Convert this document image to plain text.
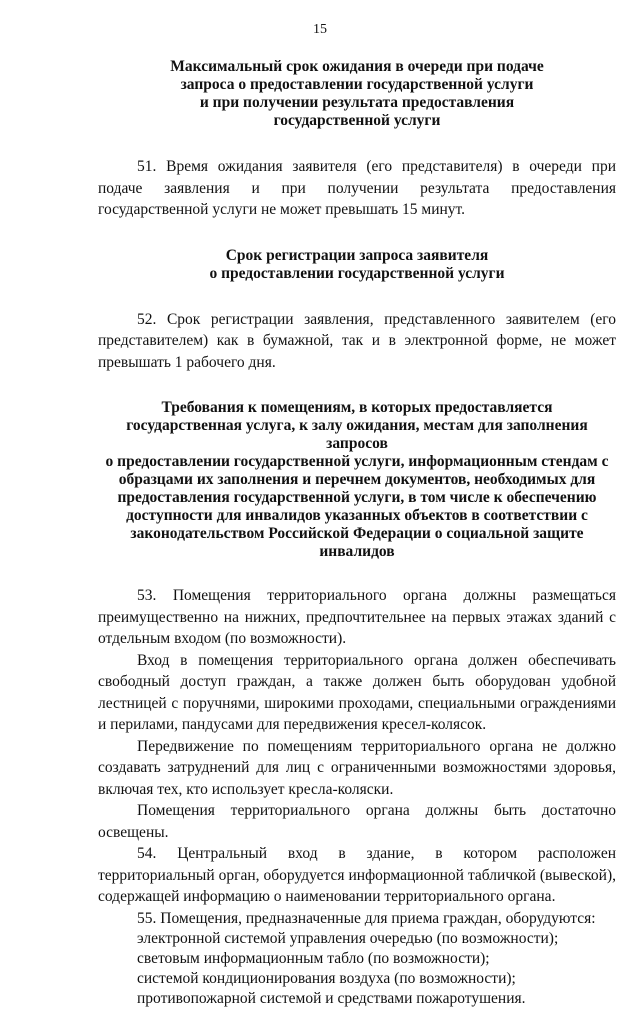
15
Максимальный срок ожидания в очереди при подаче
запроса о предоставлении государственной услуги
и при получении результата предоставления
государственной услуги

51. Время ожидания заявителя (его представителя) в очереди при подаче заявления и при получении результата предоставления государственной услуги не может превышать 15 минут.

Срок регистрации запроса заявителя
о предоставлении государственной услуги

52. Срок регистрации заявления, представленного заявителем (его представителем) как в бумажной, так и в электронной форме, не может превышать 1 рабочего дня.

Требования к помещениям, в которых предоставляется
государственная услуга, к залу ожидания, местам для заполнения запросов
о предоставлении государственной услуги, информационным стендам с
образцами их заполнения и перечнем документов, необходимых для
предоставления государственной услуги, в том числе к обеспечению
доступности для инвалидов указанных объектов в соответствии с
законодательством Российской Федерации о социальной защите
инвалидов

53. Помещения территориального органа должны размещаться преимущественно на нижних, предпочтительнее на первых этажах зданий с отдельным входом (по возможности).

Вход в помещения территориального органа должен обеспечивать свободный доступ граждан, а также должен быть оборудован удобной лестницей с поручнями, широкими проходами, специальными ограждениями и перилами, пандусами для передвижения кресел-колясок.

Передвижение по помещениям территориального органа не должно создавать затруднений для лиц с ограниченными возможностями здоровья, включая тех, кто использует кресла-коляски.

Помещения территориального органа должны быть достаточно освещены.

54. Центральный вход в здание, в котором расположен территориальный орган, оборудуется информационной табличкой (вывеской), содержащей информацию о наименовании территориального органа.

55. Помещения, предназначенные для приема граждан, оборудуются:

электронной системой управления очередью (по возможности);
световым информационным табло (по возможности);
системой кондиционирования воздуха (по возможности);
противопожарной системой и средствами пожаротушения.
